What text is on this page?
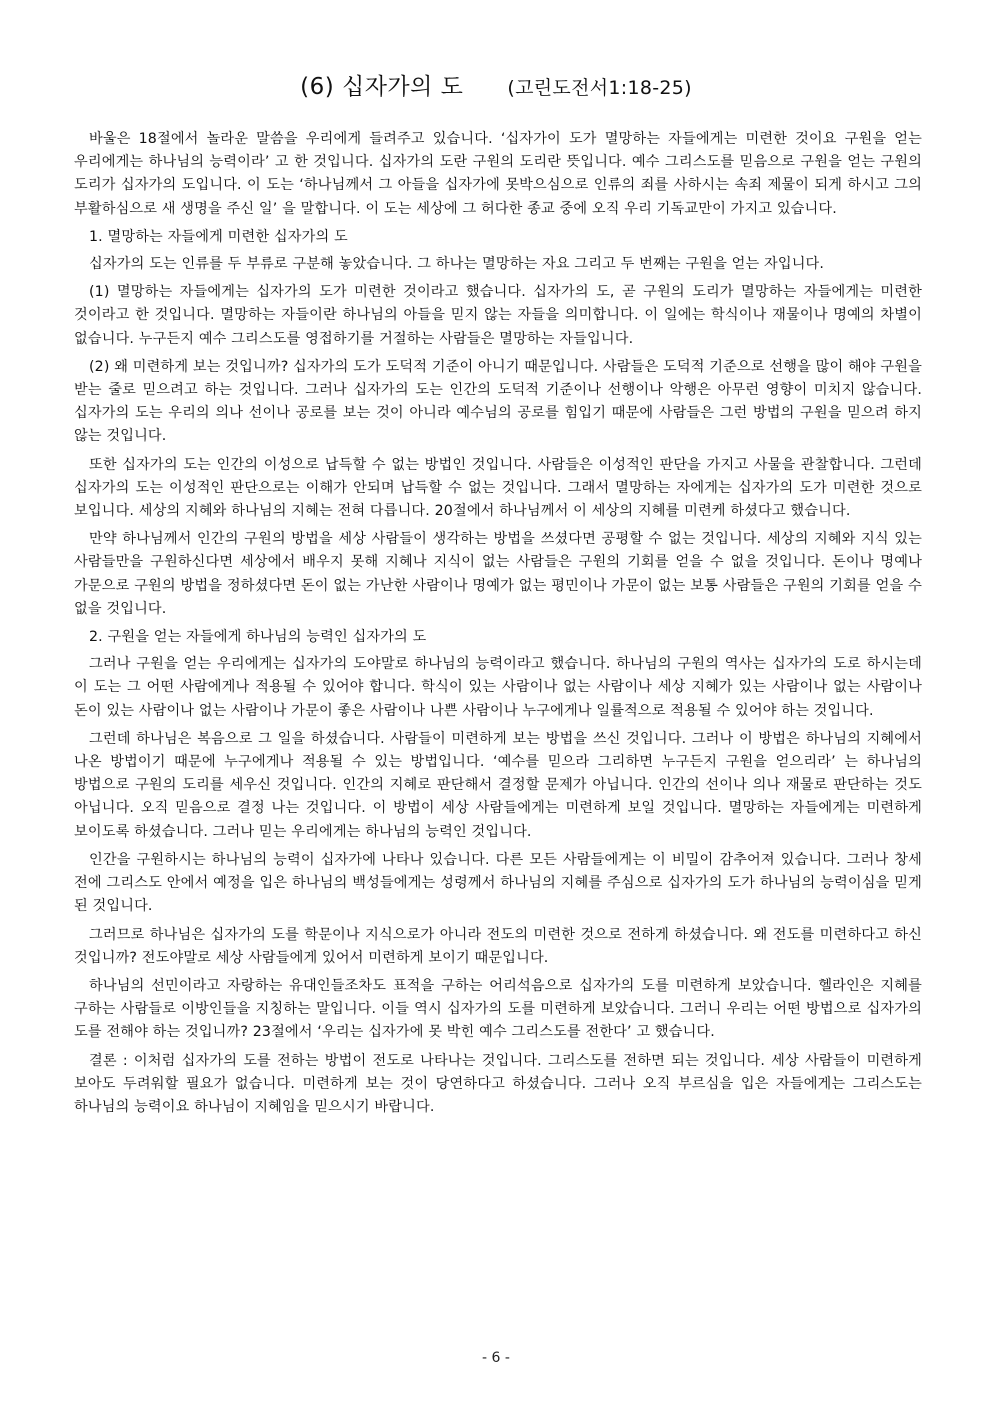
(6) 십자가의 도 (고린도전서1:18-25)

바울은 18절에서 놀라운 말씀을 우리에게 들려주고 있습니다. ‘십자가이 도가 멸망하는 자들에게는 미련한 것이요 구원을 얻는 우리에게는 하나님의 능력이라’ 고 한 것입니다. 십자가의 도란 구원의 도리란 뜻입니다. 예수 그리스도를 믿음으로 구원을 얻는 구원의 도리가 십자가의 도입니다. 이 도는 ‘하나님께서 그 아들을 십자가에 못박으심으로 인류의 죄를 사하시는 속죄 제물이 되게 하시고 그의 부활하심으로 새 생명을 주신 일’ 을 말합니다. 이 도는 세상에 그 허다한 종교 중에 오직 우리 기독교만이 가지고 있습니다.

1. 멸망하는 자들에게 미련한 십자가의 도

십자가의 도는 인류를 두 부류로 구분해 놓았습니다. 그 하나는 멸망하는 자요 그리고 두 번째는 구원을 얻는 자입니다.

(1) 멸망하는 자들에게는 십자가의 도가 미련한 것이라고 했습니다. 십자가의 도, 곧 구원의 도리가 멸망하는 자들에게는 미련한 것이라고 한 것입니다. 멸망하는 자들이란 하나님의 아들을 믿지 않는 자들을 의미합니다. 이 일에는 학식이나 재물이나 명예의 차별이 없습니다. 누구든지 예수 그리스도를 영접하기를 거절하는 사람들은 멸망하는 자들입니다.

(2) 왜 미련하게 보는 것입니까? 십자가의 도가 도덕적 기준이 아니기 때문입니다. 사람들은 도덕적 기준으로 선행을 많이 해야 구원을 받는 줄로 믿으려고 하는 것입니다. 그러나 십자가의 도는 인간의 도덕적 기준이나 선행이나 악행은 아무런 영향이 미치지 않습니다. 십자가의 도는 우리의 의나 선이나 공로를 보는 것이 아니라 예수님의 공로를 힘입기 때문에 사람들은 그런 방법의 구원을 믿으려 하지 않는 것입니다.

또한 십자가의 도는 인간의 이성으로 납득할 수 없는 방법인 것입니다. 사람들은 이성적인 판단을 가지고 사물을 관찰합니다. 그런데 십자가의 도는 이성적인 판단으로는 이해가 안되며 납득할 수 없는 것입니다. 그래서 멸망하는 자에게는 십자가의 도가 미련한 것으로 보입니다. 세상의 지혜와 하나님의 지혜는 전혀 다릅니다. 20절에서 하나님께서 이 세상의 지혜를 미련케 하셨다고 했습니다.

만약 하나님께서 인간의 구원의 방법을 세상 사람들이 생각하는 방법을 쓰셨다면 공평할 수 없는 것입니다. 세상의 지혜와 지식 있는 사람들만을 구원하신다면 세상에서 배우지 못해 지혜나 지식이 없는 사람들은 구원의 기회를 얻을 수 없을 것입니다. 돈이나 명예나 가문으로 구원의 방법을 정하셨다면 돈이 없는 가난한 사람이나 명예가 없는 평민이나 가문이 없는 보통 사람들은 구원의 기회를 얻을 수 없을 것입니다.

2. 구원을 얻는 자들에게 하나님의 능력인 십자가의 도

그러나 구원을 얻는 우리에게는 십자가의 도야말로 하나님의 능력이라고 했습니다. 하나님의 구원의 역사는 십자가의 도로 하시는데 이 도는 그 어떤 사람에게나 적용될 수 있어야 합니다. 학식이 있는 사람이나 없는 사람이나 세상 지혜가 있는 사람이나 없는 사람이나 돈이 있는 사람이나 없는 사람이나 가문이 좋은 사람이나 나쁜 사람이나 누구에게나 일률적으로 적용될 수 있어야 하는 것입니다.

그런데 하나님은 복음으로 그 일을 하셨습니다. 사람들이 미련하게 보는 방법을 쓰신 것입니다. 그러나 이 방법은 하나님의 지혜에서 나온 방법이기 때문에 누구에게나 적용될 수 있는 방법입니다. ‘예수를 믿으라 그리하면 누구든지 구원을 얻으리라’ 는 하나님의 방법으로 구원의 도리를 세우신 것입니다. 인간의 지혜로 판단해서 결정할 문제가 아닙니다. 인간의 선이나 의나 재물로 판단하는 것도 아닙니다. 오직 믿음으로 결정 나는 것입니다. 이 방법이 세상 사람들에게는 미련하게 보일 것입니다. 멸망하는 자들에게는 미련하게 보이도록 하셨습니다. 그러나 믿는 우리에게는 하나님의 능력인 것입니다.

인간을 구원하시는 하나님의 능력이 십자가에 나타나 있습니다. 다른 모든 사람들에게는 이 비밀이 감추어져 있습니다. 그러나 창세 전에 그리스도 안에서 예정을 입은 하나님의 백성들에게는 성령께서 하나님의 지혜를 주심으로 십자가의 도가 하나님의 능력이심을 믿게 된 것입니다.

그러므로 하나님은 십자가의 도를 학문이나 지식으로가 아니라 전도의 미련한 것으로 전하게 하셨습니다. 왜 전도를 미련하다고 하신 것입니까? 전도야말로 세상 사람들에게 있어서 미련하게 보이기 때문입니다.

하나님의 선민이라고 자랑하는 유대인들조차도 표적을 구하는 어리석음으로 십자가의 도를 미련하게 보았습니다. 헬라인은 지혜를 구하는 사람들로 이방인들을 지칭하는 말입니다. 이들 역시 십자가의 도를 미련하게 보았습니다. 그러니 우리는 어떤 방법으로 십자가의 도를 전해야 하는 것입니까? 23절에서 ‘우리는 십자가에 못 박힌 예수 그리스도를 전한다’ 고 했습니다.

결론 : 이처럼 십자가의 도를 전하는 방법이 전도로 나타나는 것입니다. 그리스도를 전하면 되는 것입니다. 세상 사람들이 미련하게 보아도 두려워할 필요가 없습니다. 미련하게 보는 것이 당연하다고 하셨습니다. 그러나 오직 부르심을 입은 자들에게는 그리스도는 하나님의 능력이요 하나님이 지혜임을 믿으시기 바랍니다.

- 6 -
